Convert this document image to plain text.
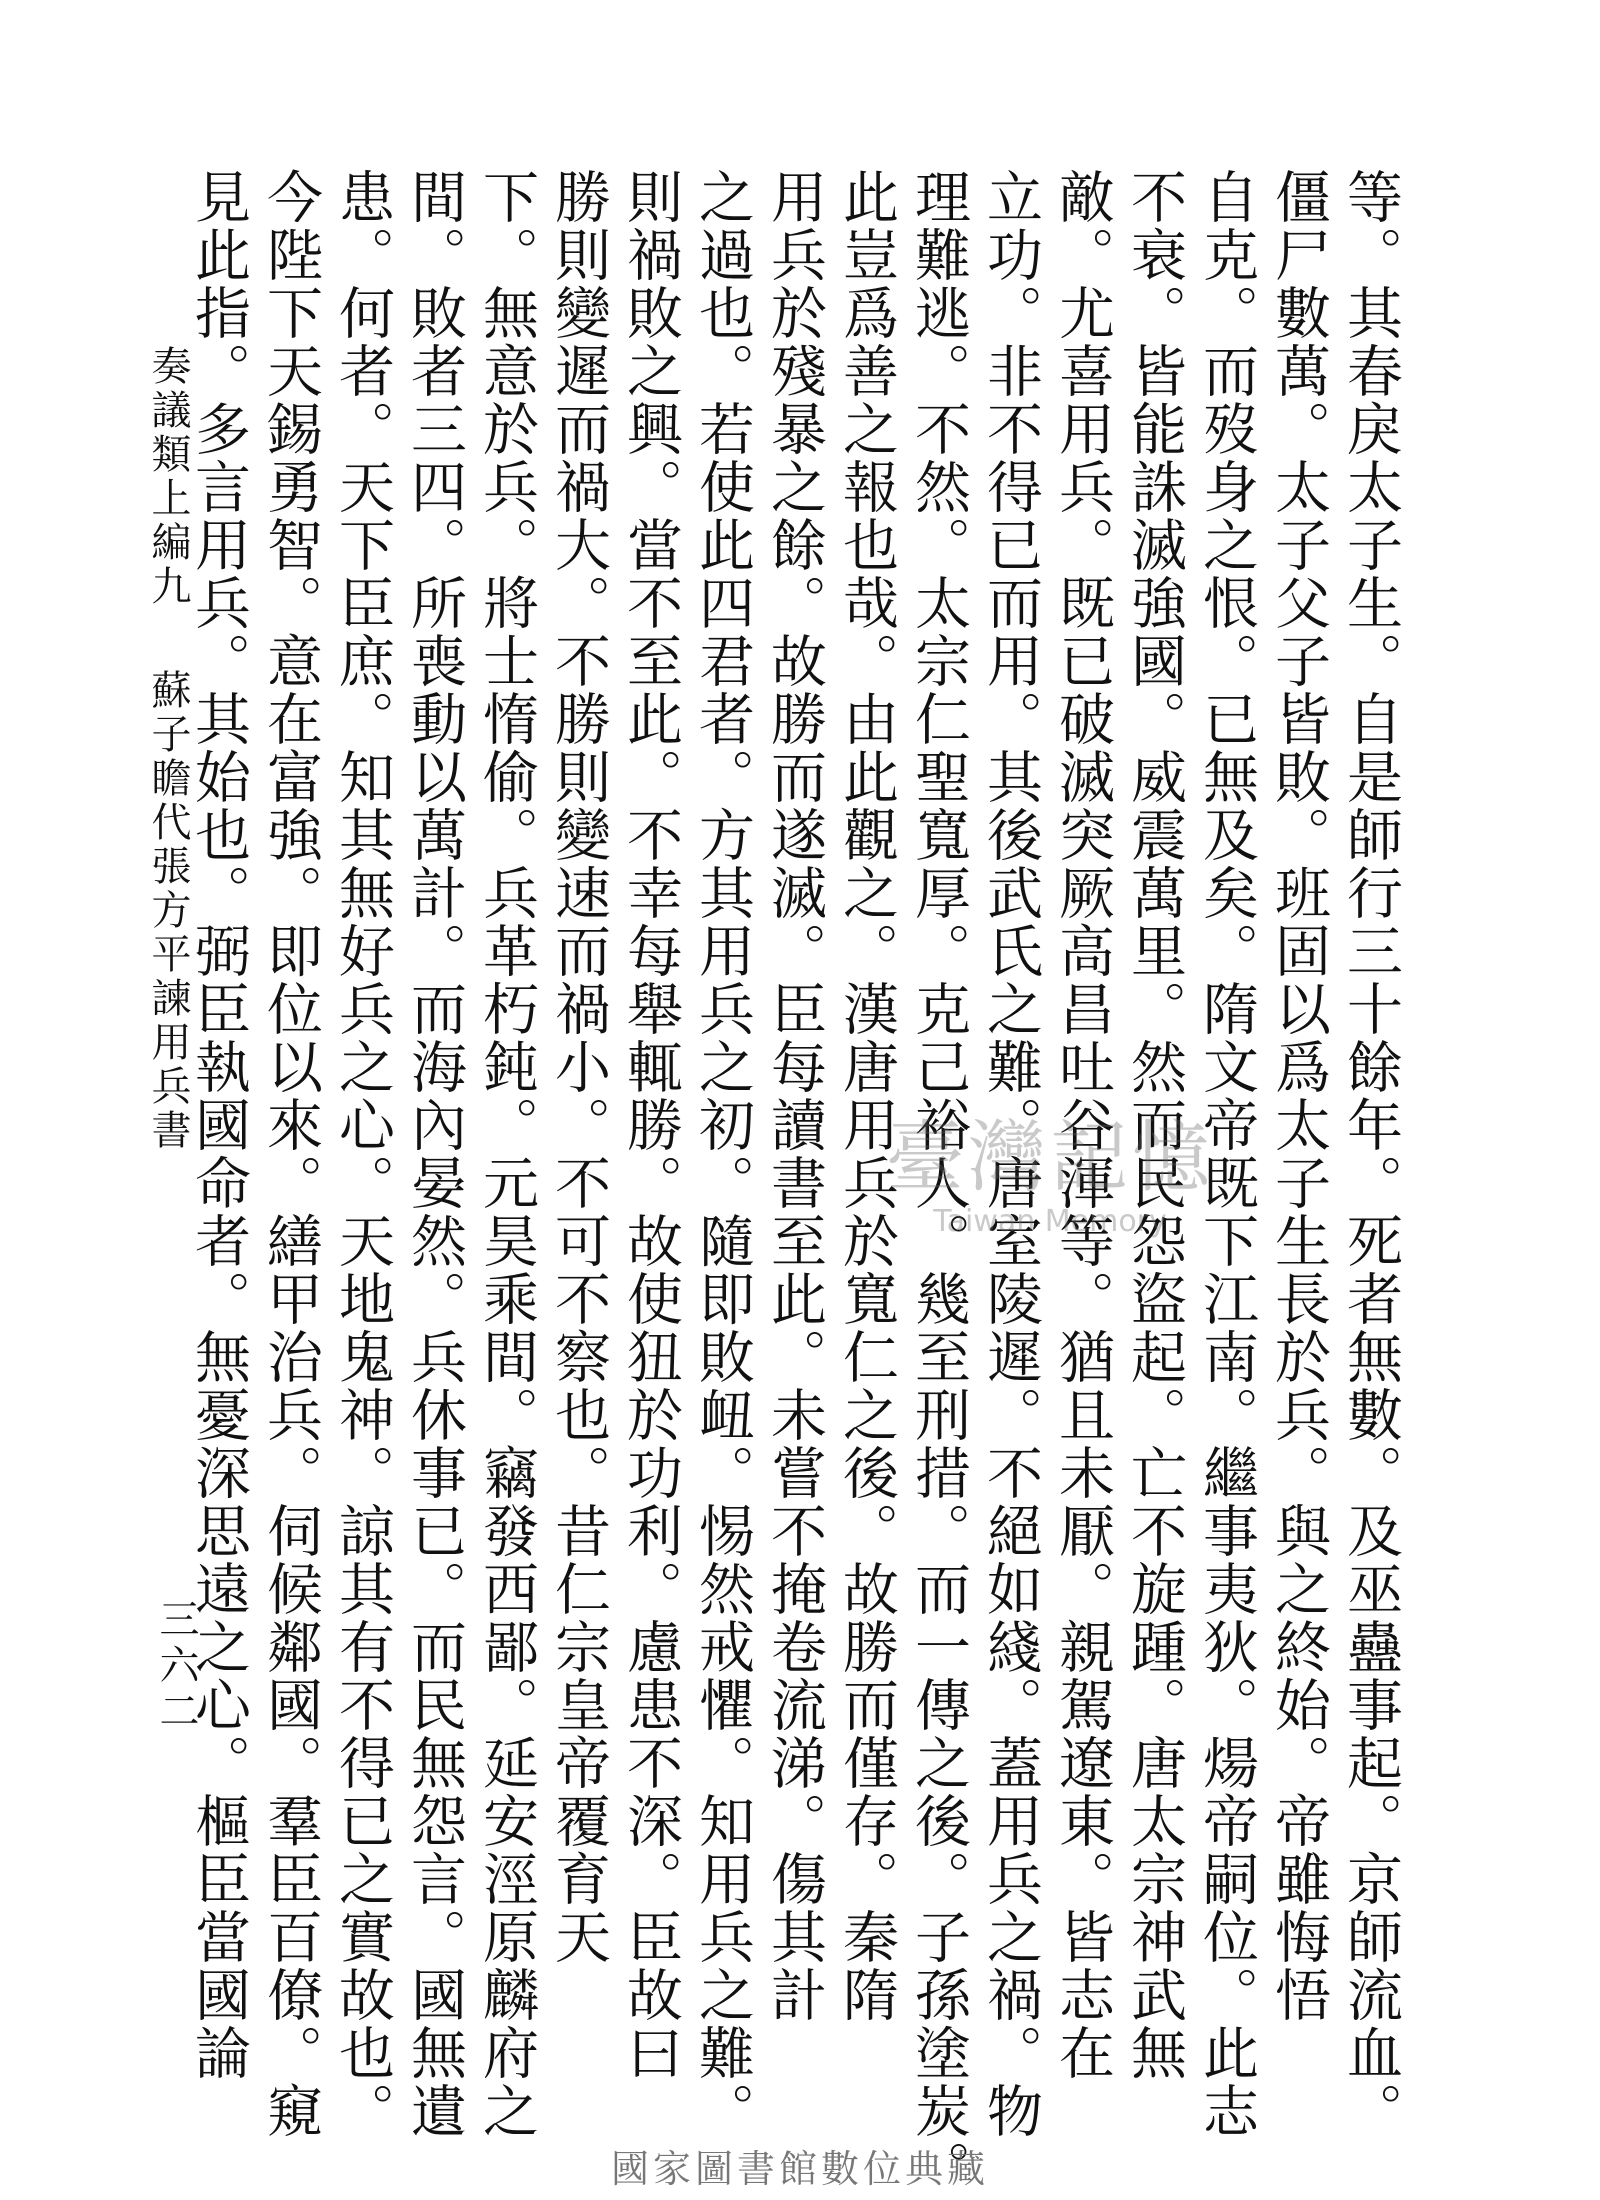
等。其春戾太子生。自是師行三十餘年。死者無數。及巫蠱事起。京師流血。
僵尸數萬。太子父子皆敗。班固以爲太子生長於兵。與之終始。帝雖悔悟
自克。而歿身之恨。已無及矣。隋文帝既下江南。繼事夷狄。煬帝嗣位。此志
不衰。皆能誅滅強國。威震萬里。然而民怨盜起。亡不旋踵。唐太宗神武無
敵。尤喜用兵。既已破滅突厥高昌吐谷渾等。猶且未厭。親駕遼東。皆志在
立功。非不得已而用。其後武氏之難。唐室陵遲。不絕如綫。蓋用兵之禍。物
理難逃。不然。太宗仁聖寬厚。克己裕人。幾至刑措。而一傳之後。子孫塗炭。
此豈爲善之報也哉。由此觀之。漢唐用兵於寬仁之後。故勝而僅存。秦隋
用兵於殘暴之餘。故勝而遂滅。臣每讀書至此。未嘗不掩卷流涕。傷其計
之過也。若使此四君者。方其用兵之初。隨即敗衄。惕然戒懼。知用兵之難。
則禍敗之興。當不至此。不幸每舉輒勝。故使狃於功利。慮患不深。臣故曰
勝則變遲而禍大。不勝則變速而禍小。不可不察也。昔仁宗皇帝覆育天
下。無意於兵。將士惰偷。兵革朽鈍。元昊乘間。竊發西鄙。延安涇原麟府之
間。敗者三四。所喪動以萬計。而海內晏然。兵休事已。而民無怨言。國無遺
患。何者。天下臣庶。知其無好兵之心。天地鬼神。諒其有不得已之實故也。
今陛下天錫勇智。意在富強。即位以來。繕甲治兵。伺候鄰國。羣臣百僚。窺
見此指。多言用兵。其始也。弼臣執國命者。無憂深思遠之心。樞臣當國論
奏議類上編九蘇子瞻代張方平諫用兵書
三六二
臺灣記憶
Taiwan Memory
國家圖書館數位典藏
